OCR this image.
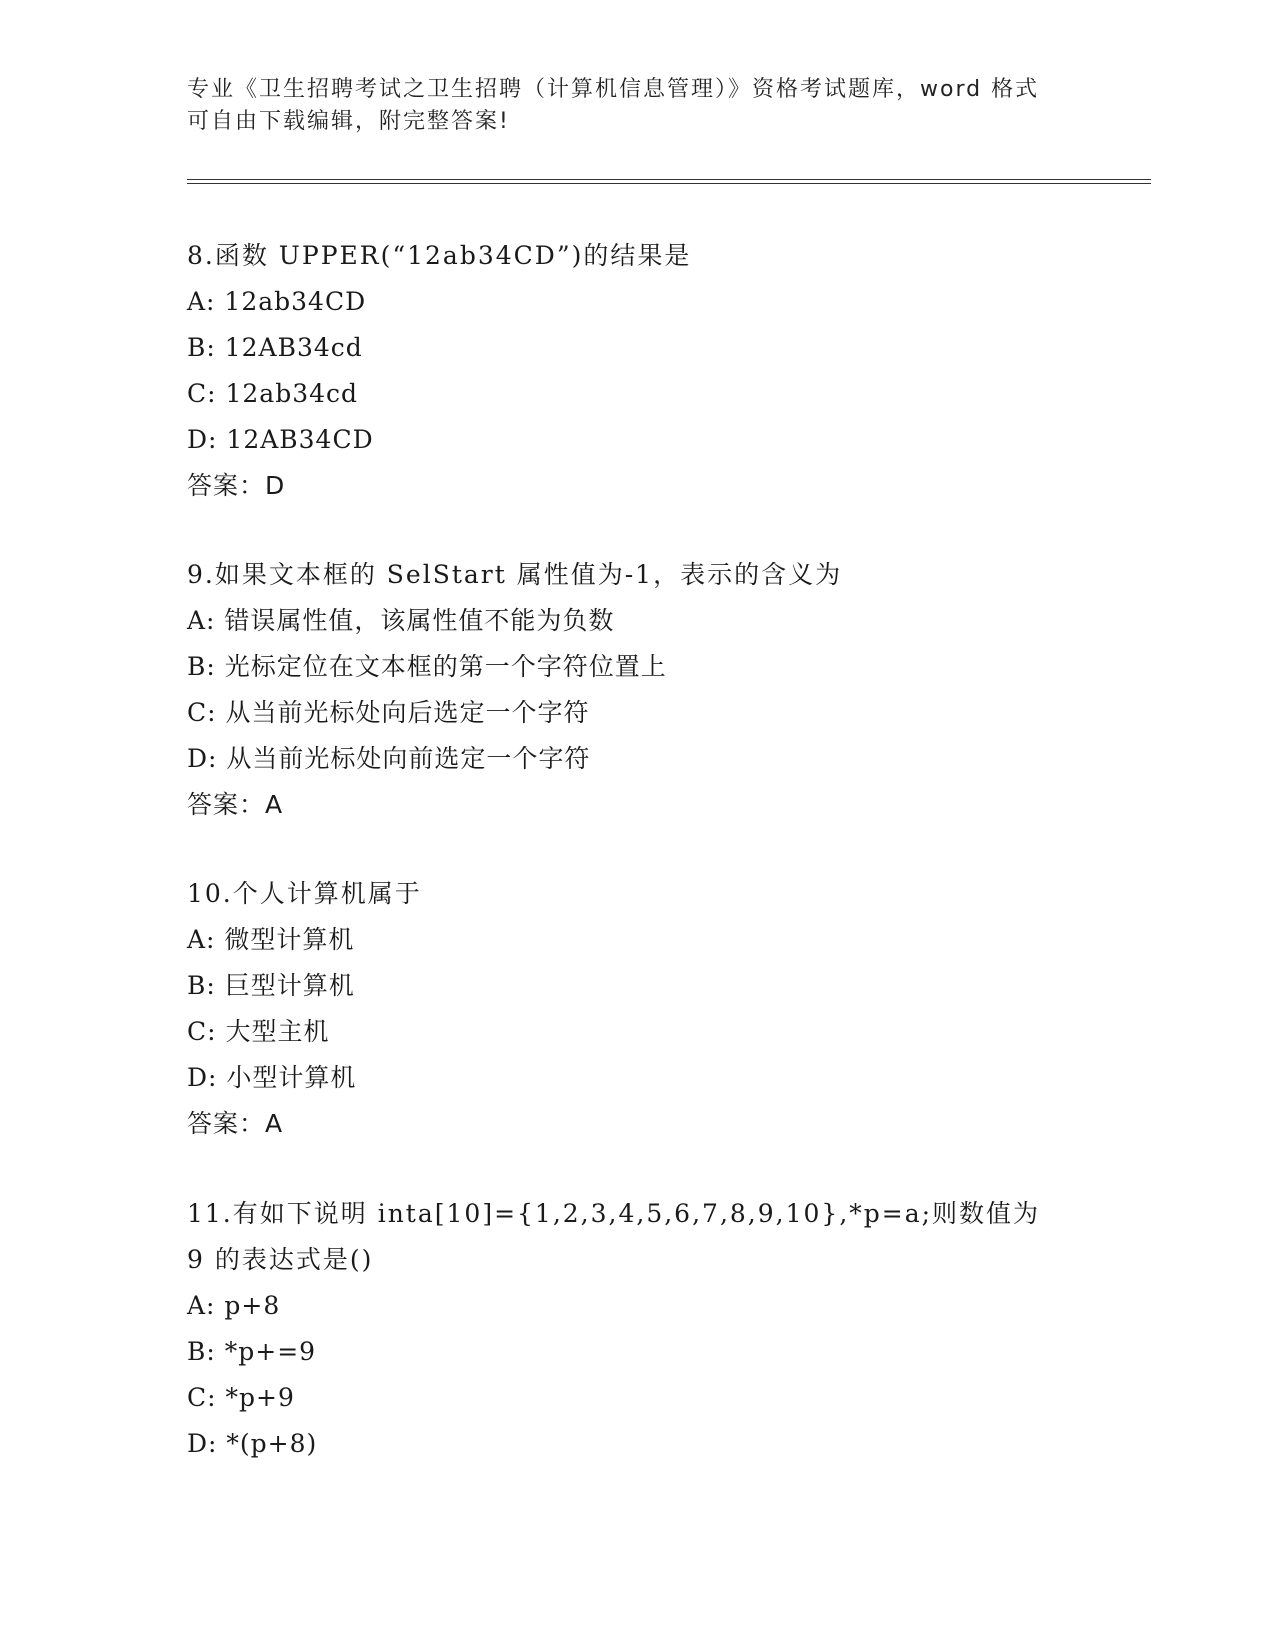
专业《卫生招聘考试之卫生招聘（计算机信息管理）》资格考试题库，word 格式
可自由下载编辑，附完整答案!

8.函数 UPPER(“12ab34CD”)的结果是

A: 12ab34CD

B: 12AB34cd

C: 12ab34cd

D: 12AB34CD

答案：D

9.如果文本框的 SelStart 属性值为-1，表示的含义为

A: 错误属性值，该属性值不能为负数

B: 光标定位在文本框的第一个字符位置上

C: 从当前光标处向后选定一个字符

D: 从当前光标处向前选定一个字符

答案：A

10.个人计算机属于

A: 微型计算机

B: 巨型计算机

C: 大型主机

D: 小型计算机

答案：A

11.有如下说明 inta[10]={1,2,3,4,5,6,7,8,9,10},*p=a;则数值为 9 的表达式是()

A: p+8

B: *p+=9

C: *p+9

D: *(p+8)
